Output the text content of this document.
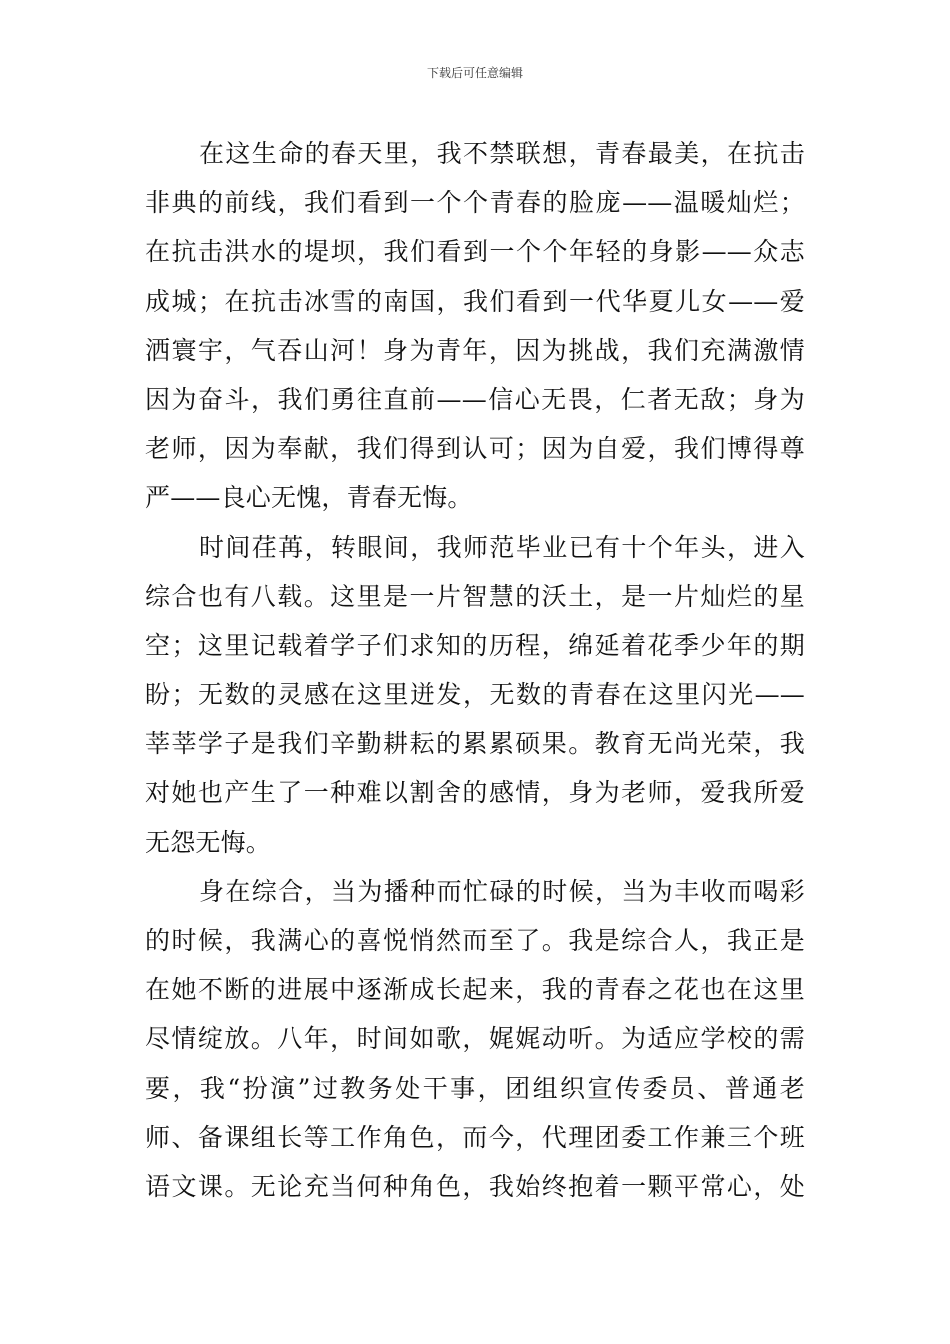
下载后可任意编辑
在这生命的春天里，我不禁联想，青春最美，在抗击
非典的前线，我们看到一个个青春的脸庞——温暖灿烂；
在抗击洪水的堤坝，我们看到一个个年轻的身影——众志
成城；在抗击冰雪的南国，我们看到一代华夏儿女——爱
洒寰宇，气吞山河！身为青年，因为挑战，我们充满激情
因为奋斗，我们勇往直前——信心无畏，仁者无敌；身为
老师，因为奉献，我们得到认可；因为自爱，我们博得尊
严——良心无愧，青春无悔。
时间荏苒，转眼间，我师范毕业已有十个年头，进入
综合也有八载。这里是一片智慧的沃土，是一片灿烂的星
空；这里记载着学子们求知的历程，绵延着花季少年的期
盼；无数的灵感在这里迸发，无数的青春在这里闪光——
莘莘学子是我们辛勤耕耘的累累硕果。教育无尚光荣，我
对她也产生了一种难以割舍的感情，身为老师，爱我所爱
无怨无悔。
身在综合，当为播种而忙碌的时候，当为丰收而喝彩
的时候，我满心的喜悦悄然而至了。我是综合人，我正是
在她不断的进展中逐渐成长起来，我的青春之花也在这里
尽情绽放。八年，时间如歌，娓娓动听。为适应学校的需
要，我“扮演”过教务处干事，团组织宣传委员、普通老
师、备课组长等工作角色，而今，代理团委工作兼三个班
语文课。无论充当何种角色，我始终抱着一颗平常心，处
